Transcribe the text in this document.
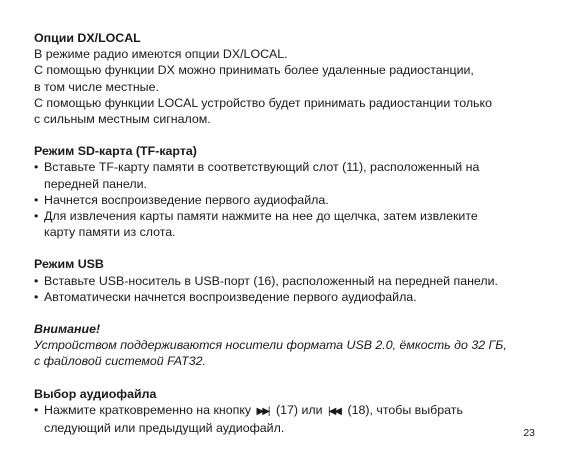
Опции DX/LOCAL

В режиме радио имеются опции DX/LOCAL.

С помощью функции DX можно принимать более удаленные радиостанции,

в том числе местные.

С помощью функции LOCAL устройство будет принимать радиостанции только

с сильным местным сигналом.

Режим SD-карта (TF-карта)

• Вставьте TF-карту памяти в соответствующий слот (11), расположенный на
передней панели.
• Начнется воспроизведение первого аудиофайла.
• Для извлечения карты памяти нажмите на нее до щелчка, затем извлеките
карту памяти из слота.

Режим USB

• Вставьте USB-носитель в USB-порт (16), расположенный на передней панели.
• Автоматически начнется воспроизведение первого аудиофайла.

Внимание!

Устройством поддерживаются носители формата USB 2.0, ёмкость до 32 ГБ,

с файловой системой FAT32.

Выбор аудиофайла

• Нажмите кратковременно на кнопку ▶▶| (17) или |◀◀ (18), чтобы выбрать
следующий или предыдущий аудиофайл.	23
